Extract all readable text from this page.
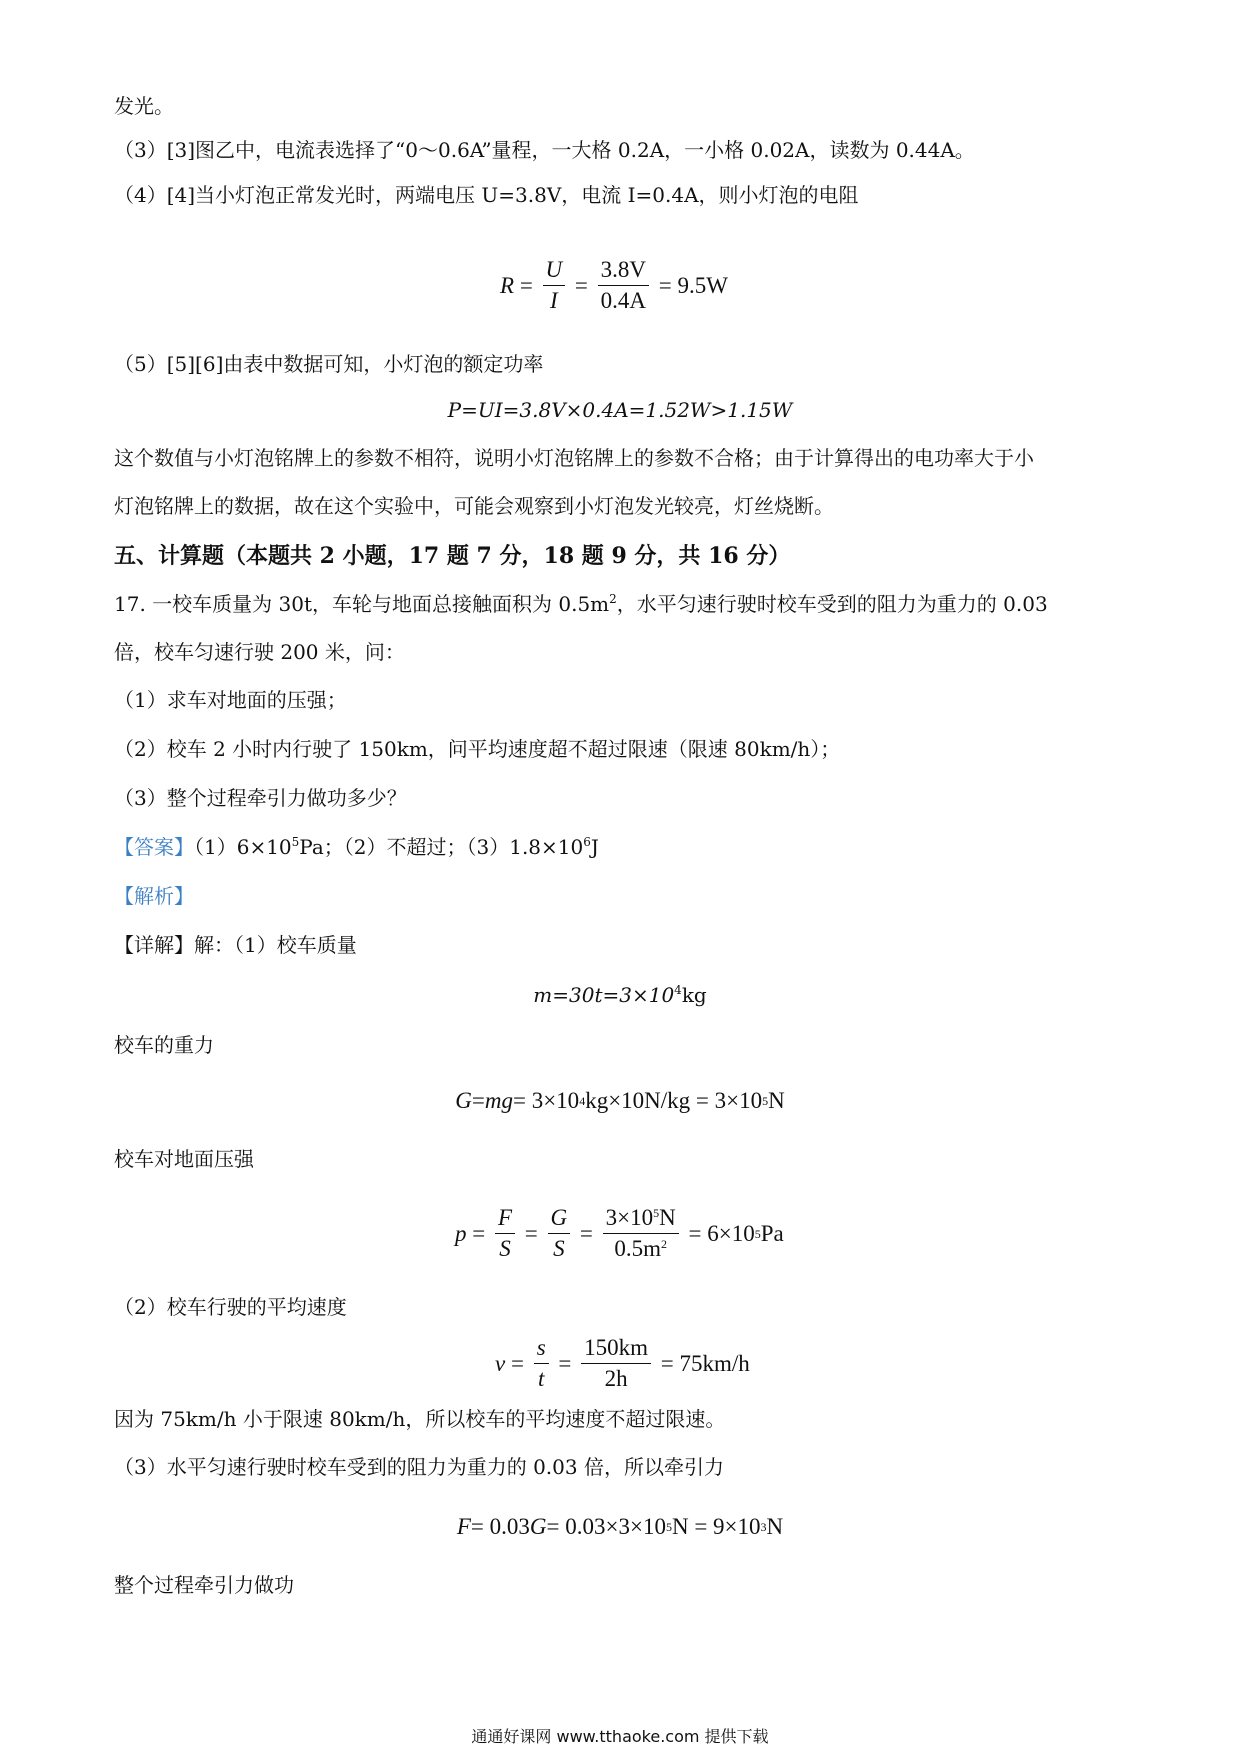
发光。
（3）[3]图乙中，电流表选择了“0～0.6A”量程，一大格 0.2A，一小格 0.02A，读数为 0.44A。
（4）[4]当小灯泡正常发光时，两端电压 U=3.8V，电流 I=0.4A，则小灯泡的电阻
$R = \frac{U}{I} = \frac{3.8V}{0.4A} = 9.5W$
（5）[5][6]由表中数据可知，小灯泡的额定功率
P=UI=3.8V×0.4A=1.52W>1.15W
这个数值与小灯泡铭牌上的参数不相符，说明小灯泡铭牌上的参数不合格；由于计算得出的电功率大于小
灯泡铭牌上的数据，故在这个实验中，可能会观察到小灯泡发光较亮，灯丝烧断。
五、计算题（本题共 2 小题，17 题 7 分，18 题 9 分，共 16 分）
17. 一校车质量为 30t，车轮与地面总接触面积为 $0.5m^2$，水平匀速行驶时校车受到的阻力为重力的 0.03
倍，校车匀速行驶 200 米，问：
（1）求车对地面的压强；
（2）校车 2 小时内行驶了 150km，问平均速度超不超过限速（限速 80km/h）；
（3）整个过程牵引力做功多少？
【答案】$(1)6\times 10^5Pa$；（2）不超过；$(3)1.8\times 10^6J$
【解析】
【详解】解：（1）校车质量
$m=30t=3\times 10^4kg$
校车的重力
G = mg = 3×10 4 kg×10N/kg = 3×10 5 N
校车对地面压强
$p = \frac{F}{S} = \frac{G}{S} = \frac{3\times 10^5N}{0.5m^2} = 6\times 10$ 5 Pa
（2）校车行驶的平均速度
$v = \frac{s}{t} = \frac{150km}{2h} = 75km/h$
因为 75km/h 小于限速 80km/h，所以校车的平均速度不超过限速。
（3）水平匀速行驶时校车受到的阻力为重力的 0.03 倍，所以牵引力
F = 0.03 G = 0.03×3×10 5 N = 9×10 3 N
整个过程牵引力做功
通通好课网 www.tthaoke.com 提供下载
